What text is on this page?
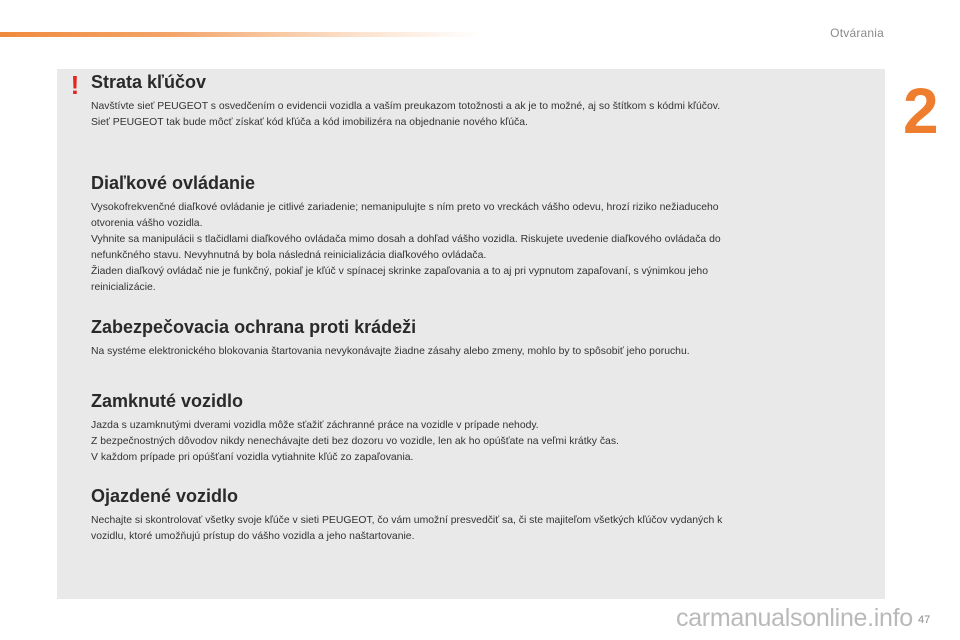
Otvárania
2
! Strata kľúčov

Navštívte sieť PEUGEOT s osvedčením o evidencii vozidla a vaším preukazom totožnosti a ak je to možné, aj so štítkom s kódmi kľúčov.
Sieť PEUGEOT tak bude môcť získať kód kľúča a kód imobilizéra na objednanie nového kľúča.

Diaľkové ovládanie

Vysokofrekvenčné diaľkové ovládanie je citlivé zariadenie; nemanipulujte s ním preto vo vreckách vášho odevu, hrozí riziko nežiaduceho
otvorenia vášho vozidla.
Vyhnite sa manipulácii s tlačidlami diaľkového ovládača mimo dosah a dohľad vášho vozidla. Riskujete uvedenie diaľkového ovládača do
nefunkčného stavu. Nevyhnutná by bola následná reinicializácia diaľkového ovládača.
Žiaden diaľkový ovládač nie je funkčný, pokiaľ je kľúč v spínacej skrinke zapaľovania a to aj pri vypnutom zapaľovaní, s výnimkou jeho
reinicializácie.

Zabezpečovacia ochrana proti krádeži

Na systéme elektronického blokovania štartovania nevykonávajte žiadne zásahy alebo zmeny, mohlo by to spôsobiť jeho poruchu.

Zamknuté vozidlo

Jazda s uzamknutými dverami vozidla môže sťažiť záchranné práce na vozidle v prípade nehody.
Z bezpečnostných dôvodov nikdy nenechávajte deti bez dozoru vo vozidle, len ak ho opúšťate na veľmi krátky čas.
V každom prípade pri opúšťaní vozidla vytiahnite kľúč zo zapaľovania.

Ojazdené vozidlo

Nechajte si skontrolovať všetky svoje kľúče v sieti PEUGEOT, čo vám umožní presvedčiť sa, či ste majiteľom všetkých kľúčov vydaných k
vozidlu, ktoré umožňujú prístup do vášho vozidla a jeho naštartovanie.

carmanualsonline.info 47
